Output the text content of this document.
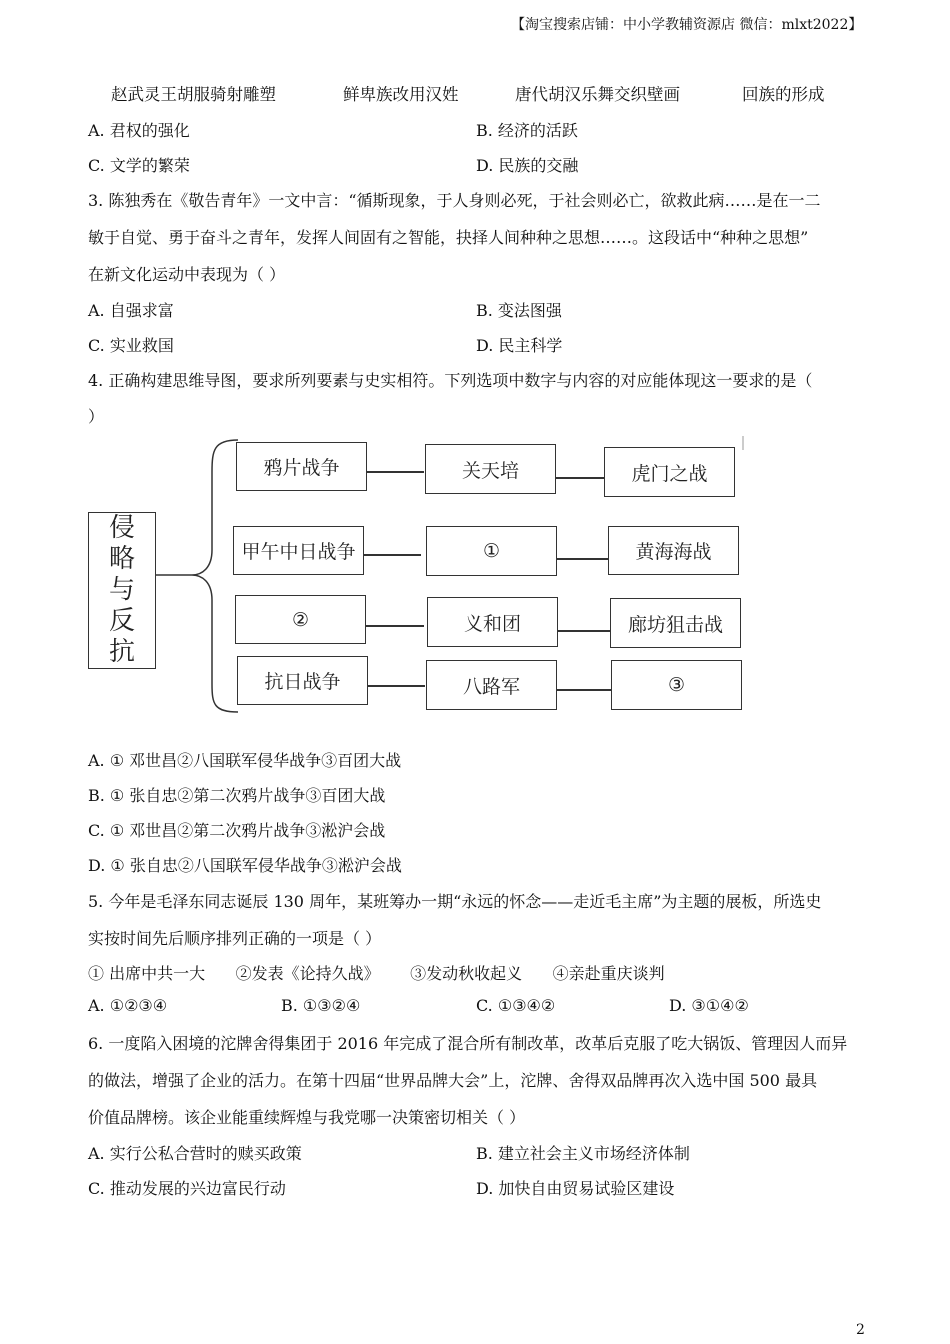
【淘宝搜索店铺：中小学教辅资源店 微信：mlxt2022】
赵武灵王胡服骑射雕塑	鲜卑族改用汉姓	唐代胡汉乐舞交织壁画	回族的形成
A. 君权的强化	B. 经济的活跃
C. 文学的繁荣	D. 民族的交融
3. 陈独秀在《敬告青年》一文中言：“循斯现象，于人身则必死，于社会则必亡，欲救此病……是在一二
敏于自觉、勇于奋斗之青年，发挥人间固有之智能，抉择人间种种之思想……。这段话中“种种之思想”
在新文化运动中表现为（ ）
A. 自强求富	B. 变法图强
C. 实业救国	D. 民主科学
4. 正确构建思维导图，要求所列要素与史实相符。下列选项中数字与内容的对应能体现这一要求的是（
）
侵
略
与
反
抗
鸦片战争	关天培	虎门之战
甲午中日战争	①	黄海海战
②	义和团	廊坊狙击战
抗日战争	八路军	③
A. ① 邓世昌②八国联军侵华战争③百团大战
B. ① 张自忠②第二次鸦片战争③百团大战
C. ① 邓世昌②第二次鸦片战争③淞沪会战
D. ① 张自忠②八国联军侵华战争③淞沪会战
5. 今年是毛泽东同志诞辰 130 周年，某班筹办一期“永远的怀念——走近毛主席”为主题的展板，所选史
实按时间先后顺序排列正确的一项是（ ）
① 出席中共一大      ②发表《论持久战》      ③发动秋收起义      ④亲赴重庆谈判
A. ①②③④	B. ①③②④	C. ①③④②	D. ③①④②
6. 一度陷入困境的沱牌舍得集团于 2016 年完成了混合所有制改革，改革后克服了吃大锅饭、管理因人而异
的做法，增强了企业的活力。在第十四届“世界品牌大会”上，沱牌、舍得双品牌再次入选中国 500 最具
价值品牌榜。该企业能重续辉煌与我党哪一决策密切相关（ ）
A. 实行公私合营时的赎买政策	B. 建立社会主义市场经济体制
C. 推动发展的兴边富民行动	D. 加快自由贸易试验区建设
2
